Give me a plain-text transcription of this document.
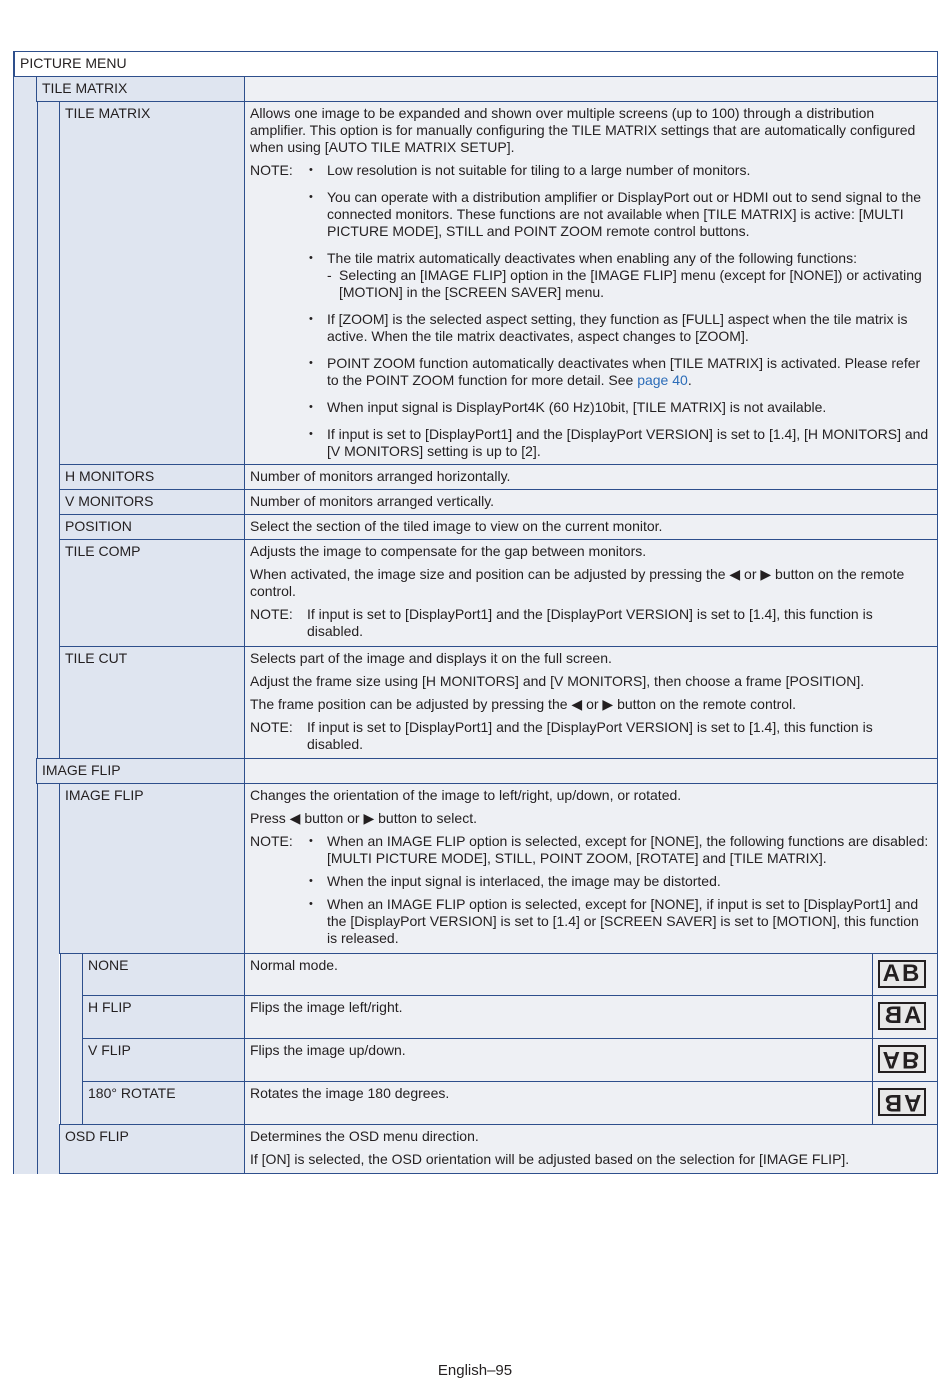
PICTURE MENU
TILE MATRIX
TILE MATRIX	Allows one image to be expanded and shown over multiple screens (up to 100) through a distribution amplifier. This option is for manually configuring the TILE MATRIX settings that are automatically configured when using [AUTO TILE MATRIX SETUP].

NOTE:	• Low resolution is not suitable for tiling to a large number of monitors.
• You can operate with a distribution amplifier or DisplayPort out or HDMI out to send signal to the connected monitors. These functions are not available when [TILE MATRIX] is active: [MULTI PICTURE MODE], STILL and POINT ZOOM remote control buttons.
• The tile matrix automatically deactivates when enabling any of the following functions:
- Selecting an [IMAGE FLIP] option in the [IMAGE FLIP] menu (except for [NONE]) or activating [MOTION] in the [SCREEN SAVER] menu.
• If [ZOOM] is the selected aspect setting, they function as [FULL] aspect when the tile matrix is active. When the tile matrix deactivates, aspect changes to [ZOOM].
• POINT ZOOM function automatically deactivates when [TILE MATRIX] is activated. Please refer to the POINT ZOOM function for more detail. See page 40.
• When input signal is DisplayPort4K (60 Hz)10bit, [TILE MATRIX] is not available.
• If input is set to [DisplayPort1] and the [DisplayPort VERSION] is set to [1.4], [H MONITORS] and [V MONITORS] setting is up to [2].
H MONITORS	Number of monitors arranged horizontally.
V MONITORS	Number of monitors arranged vertically.
POSITION	Select the section of the tiled image to view on the current monitor.
TILE COMP	Adjusts the image to compensate for the gap between monitors.

When activated, the image size and position can be adjusted by pressing the ◀ or ▶ button on the remote control.

NOTE: If input is set to [DisplayPort1] and the [DisplayPort VERSION] is set to [1.4], this function is disabled.
TILE CUT	Selects part of the image and displays it on the full screen.

Adjust the frame size using [H MONITORS] and [V MONITORS], then choose a frame [POSITION].

The frame position can be adjusted by pressing the ◀ or ▶ button on the remote control.

NOTE: If input is set to [DisplayPort1] and the [DisplayPort VERSION] is set to [1.4], this function is disabled.
IMAGE FLIP
IMAGE FLIP	Changes the orientation of the image to left/right, up/down, or rotated.

Press ◀ button or ▶ button to select.

NOTE:	• When an IMAGE FLIP option is selected, except for [NONE], the following functions are disabled: [MULTI PICTURE MODE], STILL, POINT ZOOM, [ROTATE] and [TILE MATRIX].
• When the input signal is interlaced, the image may be distorted.
• When an IMAGE FLIP option is selected, except for [NONE], if input is set to [DisplayPort1] and the [DisplayPort VERSION] is set to [1.4] or [SCREEN SAVER] is set to [MOTION], this function is released.
NONE	Normal mode.	AB
H FLIP	Flips the image left/right.	AB
V FLIP	Flips the image up/down.	AB
180° ROTATE	Rotates the image 180 degrees.	AB
OSD FLIP	Determines the OSD menu direction.

If [ON] is selected, the OSD orientation will be adjusted based on the selection for [IMAGE FLIP].

English–95
